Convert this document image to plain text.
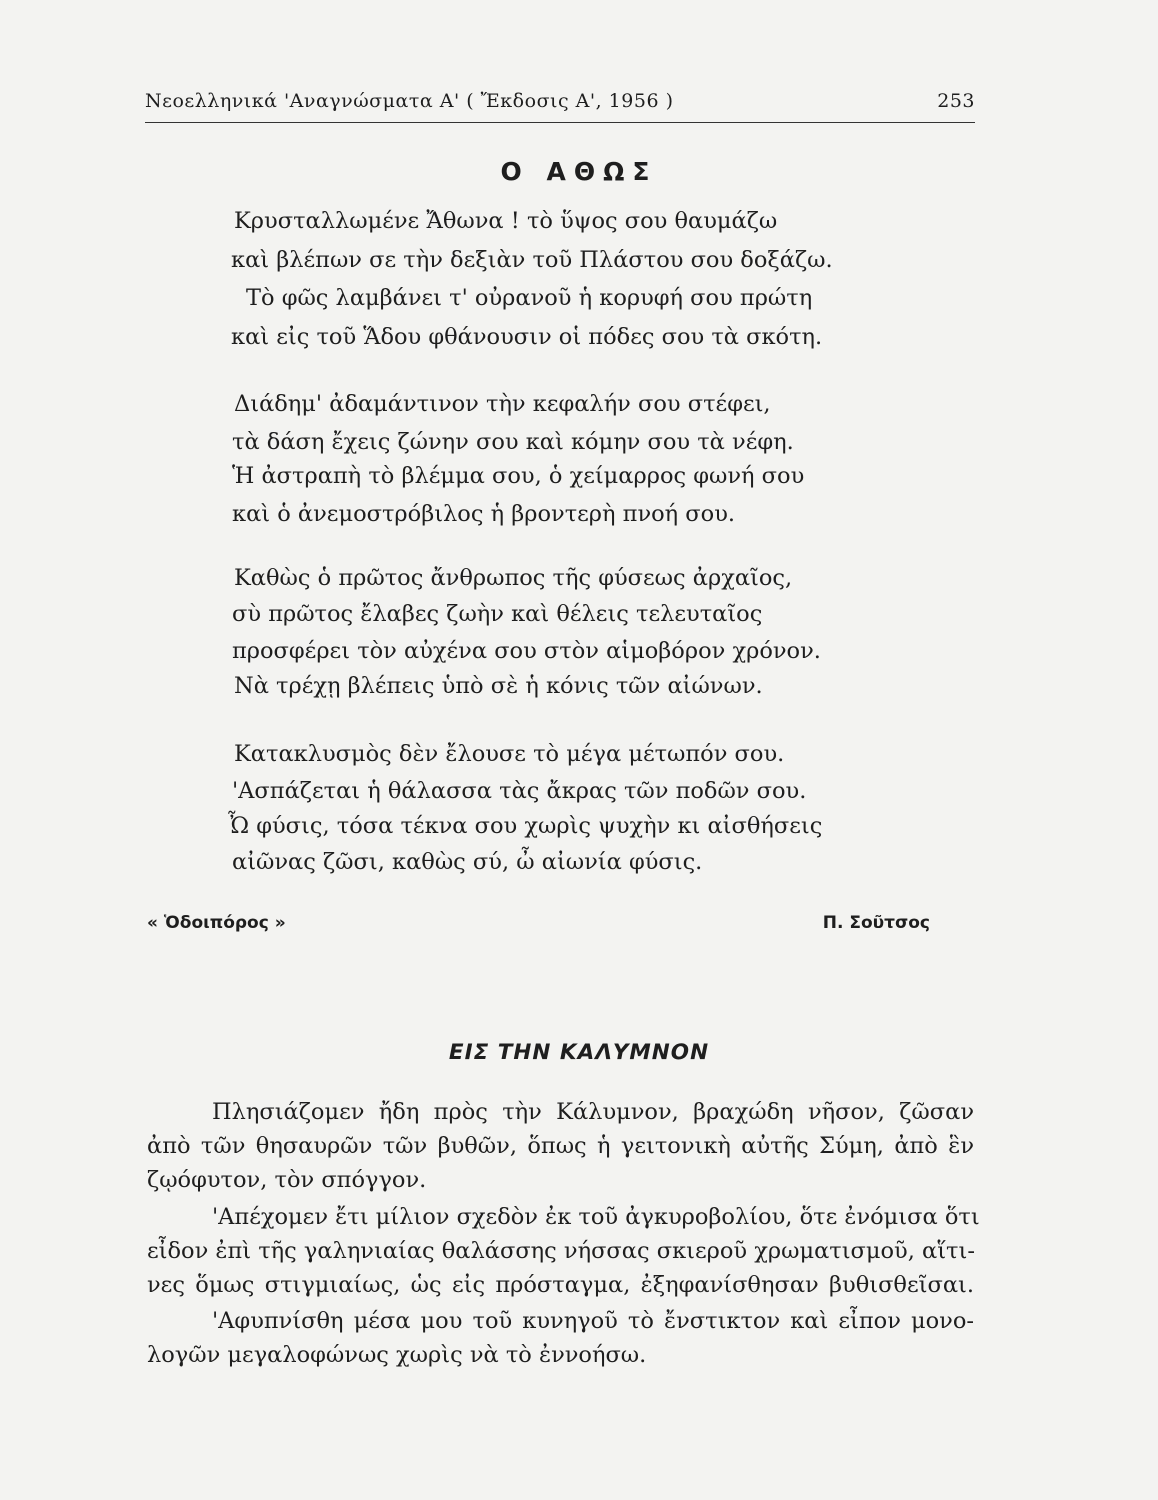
Νεοελληνικά 'Αναγνώσματα Α' ( Ἔκδοσις Α', 1956 )	253
Ο ΑΘΩΣ
Κρυσταλλωμένε Ἄθωνα ! τὸ ὕψος σου θαυμάζω
καὶ βλέπων σε τὴν δεξιὰν τοῦ Πλάστου σου δοξάζω.
Τὸ φῶς λαμβάνει τ' οὐρανοῦ ἡ κορυφή σου πρώτη
καὶ εἰς τοῦ Ἅδου φθάνουσιν οἱ πόδες σου τὰ σκότη.
Διάδημ' ἀδαμάντινον τὴν κεφαλήν σου στέφει,
τὰ δάση ἔχεις ζώνην σου καὶ κόμην σου τὰ νέφη.
Ἡ ἀστραπὴ τὸ βλέμμα σου, ὁ χείμαρρος φωνή σου
καὶ ὁ ἀνεμοστρόβιλος ἡ βροντερὴ πνοή σου.
Καθὼς ὁ πρῶτος ἄνθρωπος τῆς φύσεως ἀρχαῖος,
σὺ πρῶτος ἔλαβες ζωὴν καὶ θέλεις τελευταῖος
προσφέρει τὸν αὐχένα σου στὸν αἱμοβόρον χρόνον.
Νὰ τρέχῃ βλέπεις ὑπὸ σὲ ἡ κόνις τῶν αἰώνων.
Κατακλυσμὸς δὲν ἔλουσε τὸ μέγα μέτωπόν σου.
'Ασπάζεται ἡ θάλασσα τὰς ἄκρας τῶν ποδῶν σου.
Ὦ φύσις, τόσα τέκνα σου χωρὶς ψυχὴν κι αἰσθήσεις
αἰῶνας ζῶσι, καθὼς σύ, ὦ αἰωνία φύσις.
« Ὁδοιπόρος »	Π. Σοῦτσος
ΕΙΣ ΤΗΝ ΚΑΛΥΜΝΟΝ
Πλησιάζομεν ἤδη πρὸς τὴν Κάλυμνον, βραχώδη νῆσον, ζῶσαν
ἀπὸ τῶν θησαυρῶν τῶν βυθῶν, ὅπως ἡ γειτονικὴ αὐτῆς Σύμη, ἀπὸ ἓν
ζῳόφυτον, τὸν σπόγγον.
'Απέχομεν ἔτι μίλιον σχεδὸν ἐκ τοῦ ἀγκυροβολίου, ὅτε ἐνόμισα ὅτι
εἶδον ἐπὶ τῆς γαληνιαίας θαλάσσης νήσσας σκιεροῦ χρωματισμοῦ, αἵτι-
νες ὅμως στιγμιαίως, ὡς εἰς πρόσταγμα, ἐξηφανίσθησαν βυθισθεῖσαι.
'Αφυπνίσθη μέσα μου τοῦ κυνηγοῦ τὸ ἔνστικτον καὶ εἶπον μονο-
λογῶν μεγαλοφώνως χωρὶς νὰ τὸ ἐννοήσω.
